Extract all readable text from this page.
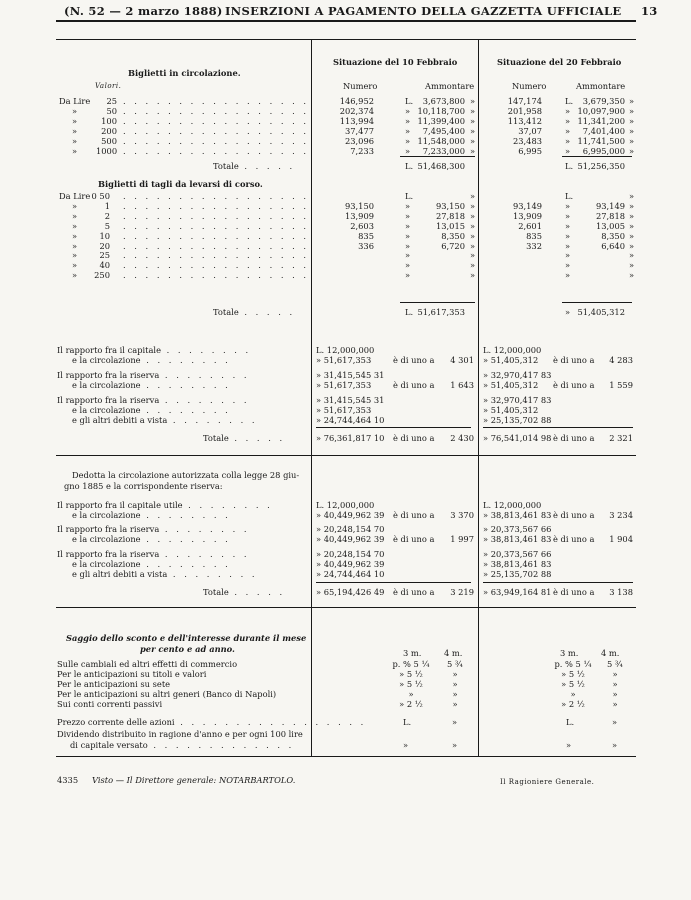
(N. 52 — 2 marzo 1888) INSERZIONI A PAGAMENTO DELLA GAZZETTA UFFICIALE 13
Situazione del 10 Febbraio	Situazione del 20 Febbraio
Numero	Ammontare	Numero	Ammontare
Biglietti in circolazione.
Valori.
Da Lire	25 . . . . . . . . . . . . . . . . .	146,952	L.	3,673,800 »	147,174	L.	3,679,350 »
»	50 . . . . . . . . . . . . . . . . .	202,374	» 10,118,700 »	201,958	» 10,097,900 »
»	100 . . . . . . . . . . . . . . . . .	113,994	» 11,399,400 »	113,412	» 11,341,200 »
»	200 . . . . . . . . . . . . . . . . .	37,477	»	7,495,400 »	37,07	»	7,401,400 »
»	500 . . . . . . . . . . . . . . . . .	23,096	» 11,548,000 »	23,483	» 11,741,500 »
» 1000 . . . . . . . . . . . . . . . . .	7,233	»	7,233,000 »	6,995	»	6,995,000 »
Totale . . . . .	L. 51,468,300	L. 51,256,350
Biglietti di tagli da levarsi di corso.
Da Lire 0 50 . . . . . . . . . . . . . . . . .	L.	»	L.	»
»	1 . . . . . . . . . . . . . . . . .	93,150	»	93,150 »	93,149	»	93,149 »
»	2 . . . . . . . . . . . . . . . . .	13,909	»	27,818 »	13,909	»	27,818 »
»	5 . . . . . . . . . . . . . . . . .	2,603	»	13,015 »	2,601	»	13,005 »
»	10 . . . . . . . . . . . . . . . . .	835	»	8,350 »	835	»	8,350 »
»	20 . . . . . . . . . . . . . . . . .	336	»	6,720 »	332	»	6,640 »
»	25 . . . . . . . . . . . . . . . . .	»	»	»	»
»	40 . . . . . . . . . . . . . . . . .	»	»	»	»
»	250 . . . . . . . . . . . . . . . . .	»	»	»	»
Totale . . . . .	L. 51,617,353	» 51,405,312
Il rapporto fra il capitale . . . . . . . .	L. 12,000,000	L. 12,000,000
e la circolazione . . . . . . . .	» 51,617,353	» 51,405,312
è di uno a	4 301	è di uno a	4 283
Il rapporto fra la riserva . . . . . . . .	» 31,415,545 31	» 32,970,417 83
e la circolazione . . . . . . . .	» 51,617,353	» 51,405,312
è di uno a	1 643	è di uno a	1 559
Il rapporto fra la riserva . . . . . . . .	» 31,415,545 31	» 32,970,417 83
e la circolazione . . . . . . . .	» 51,617,353	» 51,405,312
e gli altri debiti a vista . . . . . . . .	» 24,744,464 10	» 25,135,702 88
Totale . . . . .	» 76,361,817 10 è di uno a	2 430 » 76,541,014 98 è di uno a	2 321
Dedotta la circolazione autorizzata colla legge 28 giu-
gno 1885 e la corrispondente riserva:
Il rapporto fra il capitale utile . . . . . . . .	L. 12,000,000	L. 12,000,000
e la circolazione . . . . . . . .	» 40,449,962 39	» 38,813,461 83
è di uno a	3 370	è di uno a	3 234
Il rapporto fra la riserva . . . . . . . .	» 20,248,154 70	» 20,373,567 66
e la circolazione . . . . . . . .	» 40,449,962 39	» 38,813,461 83
è di uno a	1 997	è di uno a	1 904
Il rapporto fra la riserva . . . . . . . .	» 20,248,154 70	» 20,373,567 66
e la circolazione . . . . . . . .	» 40,449,962 39	» 38,813,461 83
e gli altri debiti a vista . . . . . . . .	» 24,744,464 10	» 25,135,702 88
Totale . . . . .	» 65,194,426 49 è di uno a	3 219 » 63,949,164 81 è di uno a	3 138
Saggio dello sconto e dell'interesse durante il mese
per cento e ad anno.	3 m.	4 m.	3 m.	4 m.
Sulle cambiali ed altri effetti di commercio	p. % 5 ¼	5 ¾	p. % 5 ¼	5 ¾
Per le anticipazioni su titoli e valori	» 5 ½	»	» 5 ½	»
Per le anticipazioni su sete	» 5 ½	»	» 5 ½	»
Per le anticipazioni su altri generi (Banco di Napoli)	»	»	»	»
Sui conti correnti passivi	» 2 ½	»	» 2 ½	»
Prezzo corrente delle azioni . . . . . . . . . . . . . . . . .	L.	»	L.	»
Dividendo distribuito in ragione d'anno e per ogni 100 lire
di capitale versato . . . . . . . . . . . . .	»	»	»	»
4335 Visto — Il Direttore generale: NOTARBARTOLO.	Il Ragioniere Generale.
